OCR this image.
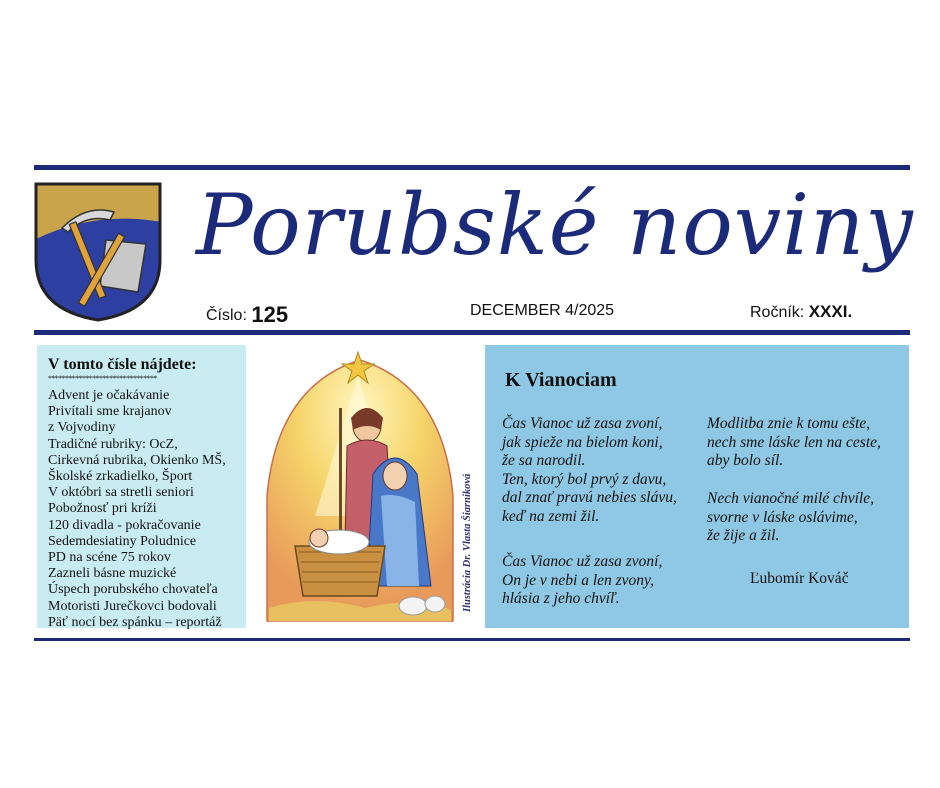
Porubské noviny
Číslo: 125	DECEMBER 4/2025	Ročník: XXXI.
V tomto čísle nájdete:
********************************
Advent je očakávanie
Privítali sme krajanov
z Vojvodiny
Tradičné rubriky: OcZ,
Cirkevná rubrika, Okienko MŠ,
Školské zrkadielko, Šport
V októbri sa stretli seniori
Pobožnosť pri kríži
120 divadla - pokračovanie
Sedemdesiatiny Poludnice
PD na scéne 75 rokov
Zazneli básne muzické
Úspech porubského chovateľa
Motoristi Jurečkovci bodovali
Päť nocí bez spánku – reportáž
Ilustrácia Dr. Vlasta Šiarniková
K Vianociam
Čas Vianoc už zasa zvoní,
jak spieže na bielom koni,
že sa narodil.
Ten, ktorý bol prvý z davu,
dal znať pravú nebies slávu,
keď na zemi žil.
Čas Vianoc už zasa zvoní,
On je v nebi a len zvony,
hlásia z jeho chvíľ.
Modlitba znie k tomu ešte,
nech sme láske len na ceste,
aby bolo síl.
Nech vianočné milé chvíle,
svorne v láske oslávime,
že žije a žil.
Ľubomír Kováč
